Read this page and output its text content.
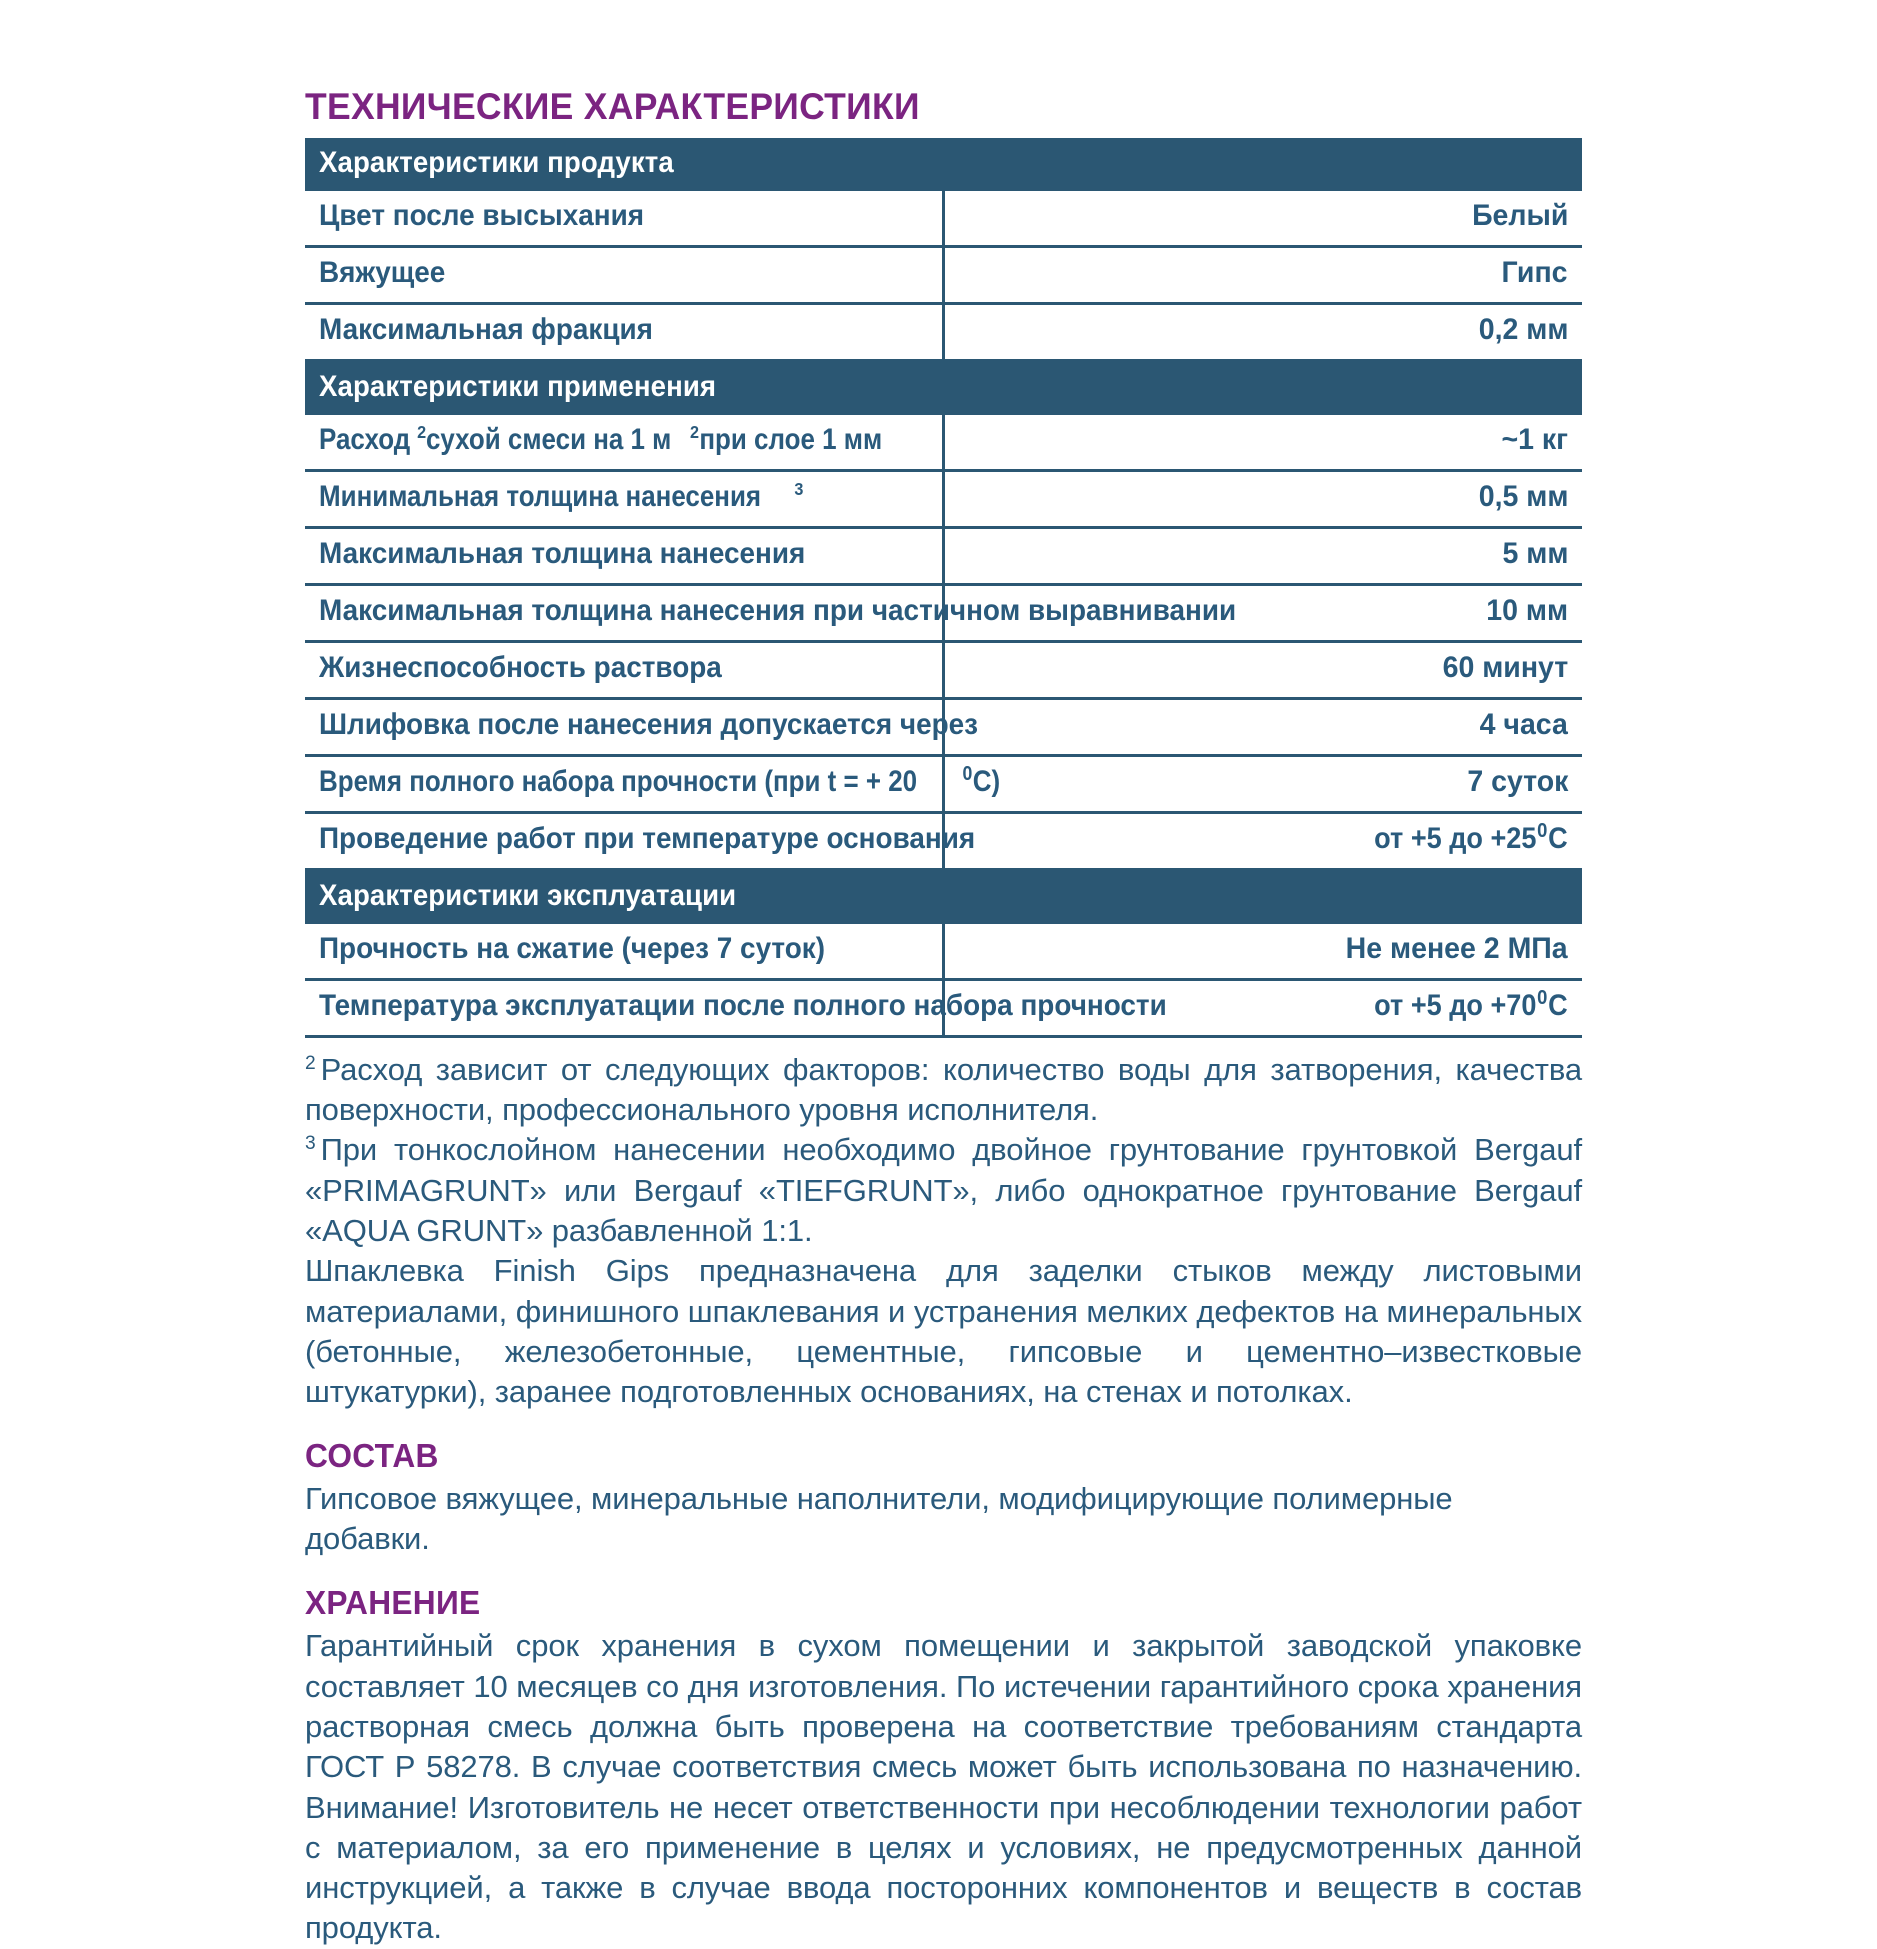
ТЕХНИЧЕСКИЕ ХАРАКТЕРИСТИКИ
Характеристики продукта	
Цвет после высыхания	Белый
Вяжущее	Гипс
Максимальная фракция	0,2 мм
Характеристики применения	
Расход $^2$сухой смеси на 1 м $^2$при слое 1 мм	~1 кг
Минимальная толщина нанесения $^3$	0,5 мм
Максимальная толщина нанесения	5 мм
Максимальная толщина нанесения при частичном выравнивании	10 мм
Жизнеспособность раствора	60 минут
Шлифовка после нанесения допускается через	4 часа
Время полного набора прочности (при t = + 200С)	7 суток
Проведение работ при температуре основания	от +5 до +250С
Характеристики эксплуатации	
Прочность на сжатие (через 7 суток)	Не менее 2 МПа
Температура эксплуатации после полного набора прочности	от +5 до +700С

$^2$ Расход зависит от следующих факторов: количество воды для затворения, качества поверхности, профессионального уровня исполнителя.

$^3$ При тонкослойном нанесении необходимо двойное грунтование грунтовкой Bergauf «PRIMAGRUNT» или Bergauf «TIEFGRUNT», либо однократное грунтование Bergauf «AQUA GRUNT» разбавленной 1:1.

Шпаклевка Finish Gips предназначена для заделки стыков между листовыми материалами, финишного шпаклевания и устранения мелких дефектов на минеральных (бетонные, железобетонные, цементные, гипсовые и цементно–известковые штукатурки), заранее подготовленных основаниях, на стенах и потолках.

СОСТАВ

Гипсовое вяжущее, минеральные наполнители, модифицирующие полимерные добавки.

ХРАНЕНИЕ

Гарантийный срок хранения в сухом помещении и закрытой заводской упаковке составляет 10 месяцев со дня изготовления. По истечении гарантийного срока хранения растворная смесь должна быть проверена на соответствие требованиям стандарта ГОСТ Р 58278. В случае соответствия смесь может быть использована по назначению. Внимание! Изготовитель не несет ответственности при несоблюдении технологии работ с материалом, за его применение в целях и условиях, не предусмотренных данной инструкцией, а также в случае ввода посторонних компонентов и веществ в состав продукта.
